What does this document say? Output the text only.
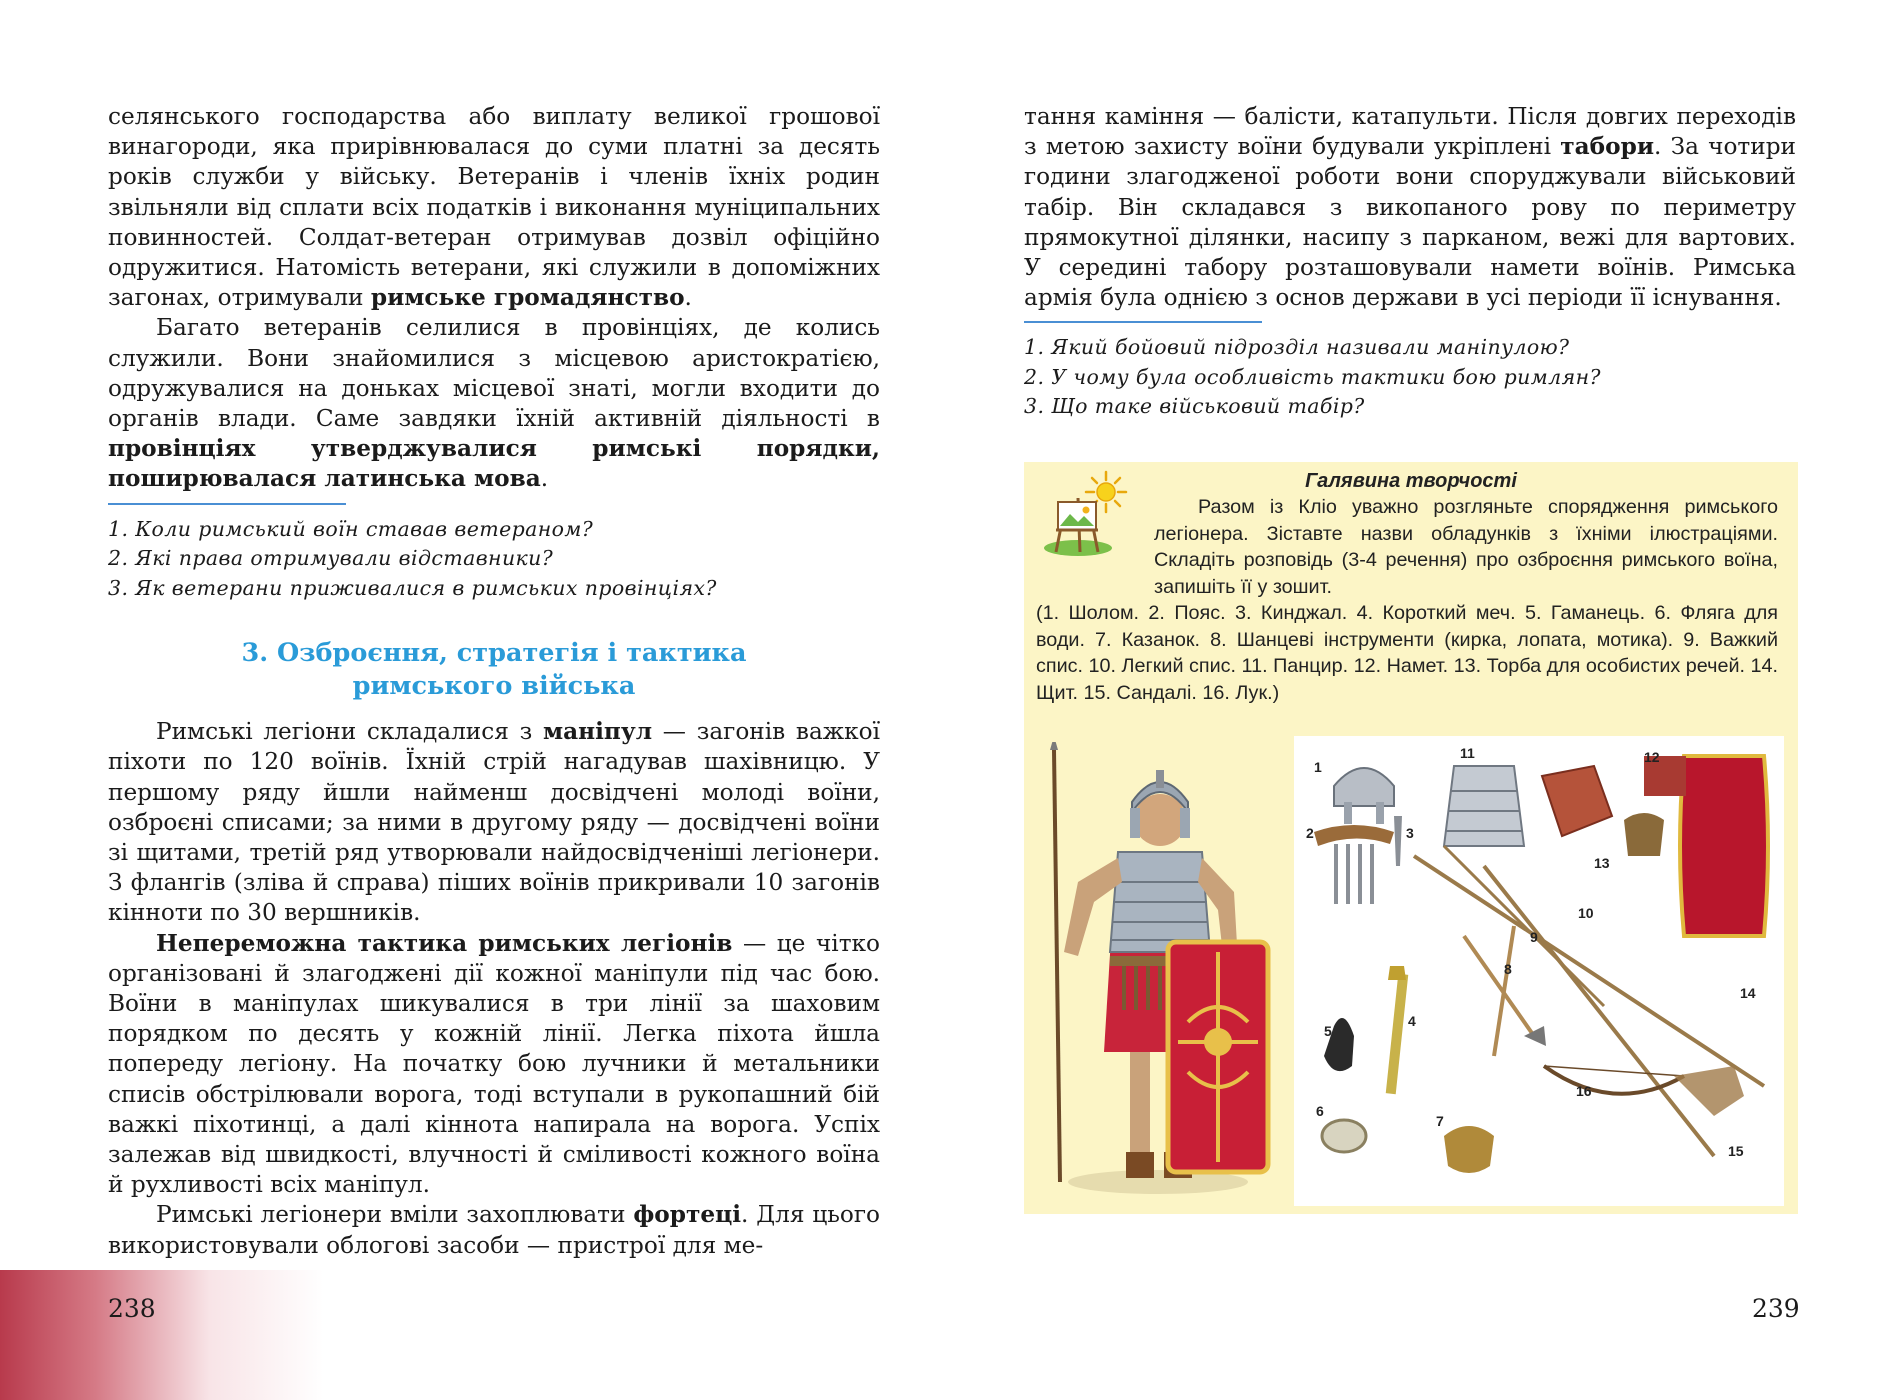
селянського господарства або виплату великої грошової винагороди, яка прирівнювалася до суми платні за десять років служби у війську. Ветеранів і членів їхніх родин звільняли від сплати всіх податків і виконання муніципальних повинностей. Солдат-ветеран отримував дозвіл офіційно одружитися. Натомість ветерани, які служили в допоміжних загонах, отримували римське громадянство.

Багато ветеранів селилися в провінціях, де колись служили. Вони знайомилися з місцевою аристократією, одружувалися на доньках місцевої знаті, могли входити до органів влади. Саме завдяки їхній активній діяльності в провінціях утверджувалися римські порядки, поширювалася латинська мова.

1. Коли римський воїн ставав ветераном?
2. Які права отримували відставники?
3. Як ветерани приживалися в римських провінціях?
3. Озброєння, стратегія і тактика
римського війська

Римські легіони складалися з маніпул — загонів важкої піхоти по 120 воїнів. Їхній стрій нагадував шахівницю. У першому ряду йшли найменш досвідчені молоді воїни, озброєні списами; за ними в другому ряду — досвідчені воїни зі щитами, третій ряд утворювали найдосвідченіші легіонери. З флангів (зліва й справа) піших воїнів прикривали 10 загонів кінноти по 30 вершників.

Непереможна тактика римських легіонів — це чітко організовані й злагоджені дії кожної маніпули під час бою. Воїни в маніпулах шикувалися в три лінії за шаховим порядком по десять у кожній лінії. Легка піхота йшла попереду легіону. На початку бою лучники й метальники списів обстрілювали ворога, тоді вступали в рукопашний бій важкі піхотинці, а далі кіннота напирала на ворога. Успіх залежав від швидкості, влучності й сміливості кожного воїна й рухливості всіх маніпул.

Римські легіонери вміли захоплювати фортеці. Для цього використовували облогові засоби — пристрої для ме-

238

тання каміння — балісти, катапульти. Після довгих переходів з метою захисту воїни будували укріплені табори. За чотири години злагодженої роботи вони споруджували військовий табір. Він складався з викопаного рову по периметру прямокутної ділянки, насипу з парканом, вежі для вартових. У середині табору розташовували намети воїнів. Римська армія була однією з основ держави в усі періоди її існування.

1. Який бойовий підрозділ називали маніпулою?
2. У чому була особливість тактики бою римлян?
3. Що таке військовий табір?
Галявина творчості
Разом із Кліо уважно розгляньте спорядження римського легіонера. Зіставте назви обладунків з їхніми ілюстраціями. Складіть розповідь (3-4 речення) про озброєння римського воїна, запишіть її у зошит.
(1. Шолом. 2. Пояс. 3. Кинджал. 4. Короткий меч. 5. Гаманець. 6. Фляга для води. 7. Казанок. 8. Шанцеві інструменти (кирка, лопата, мотика). 9. Важкий спис. 10. Легкий спис. 11. Панцир. 12. Намет. 13. Торба для особистих речей. 14. Щит. 15. Сандалі. 16. Лук.)
1
2	3
4
5
6
7
8
9
10
11	12
13
14
15
16
239
